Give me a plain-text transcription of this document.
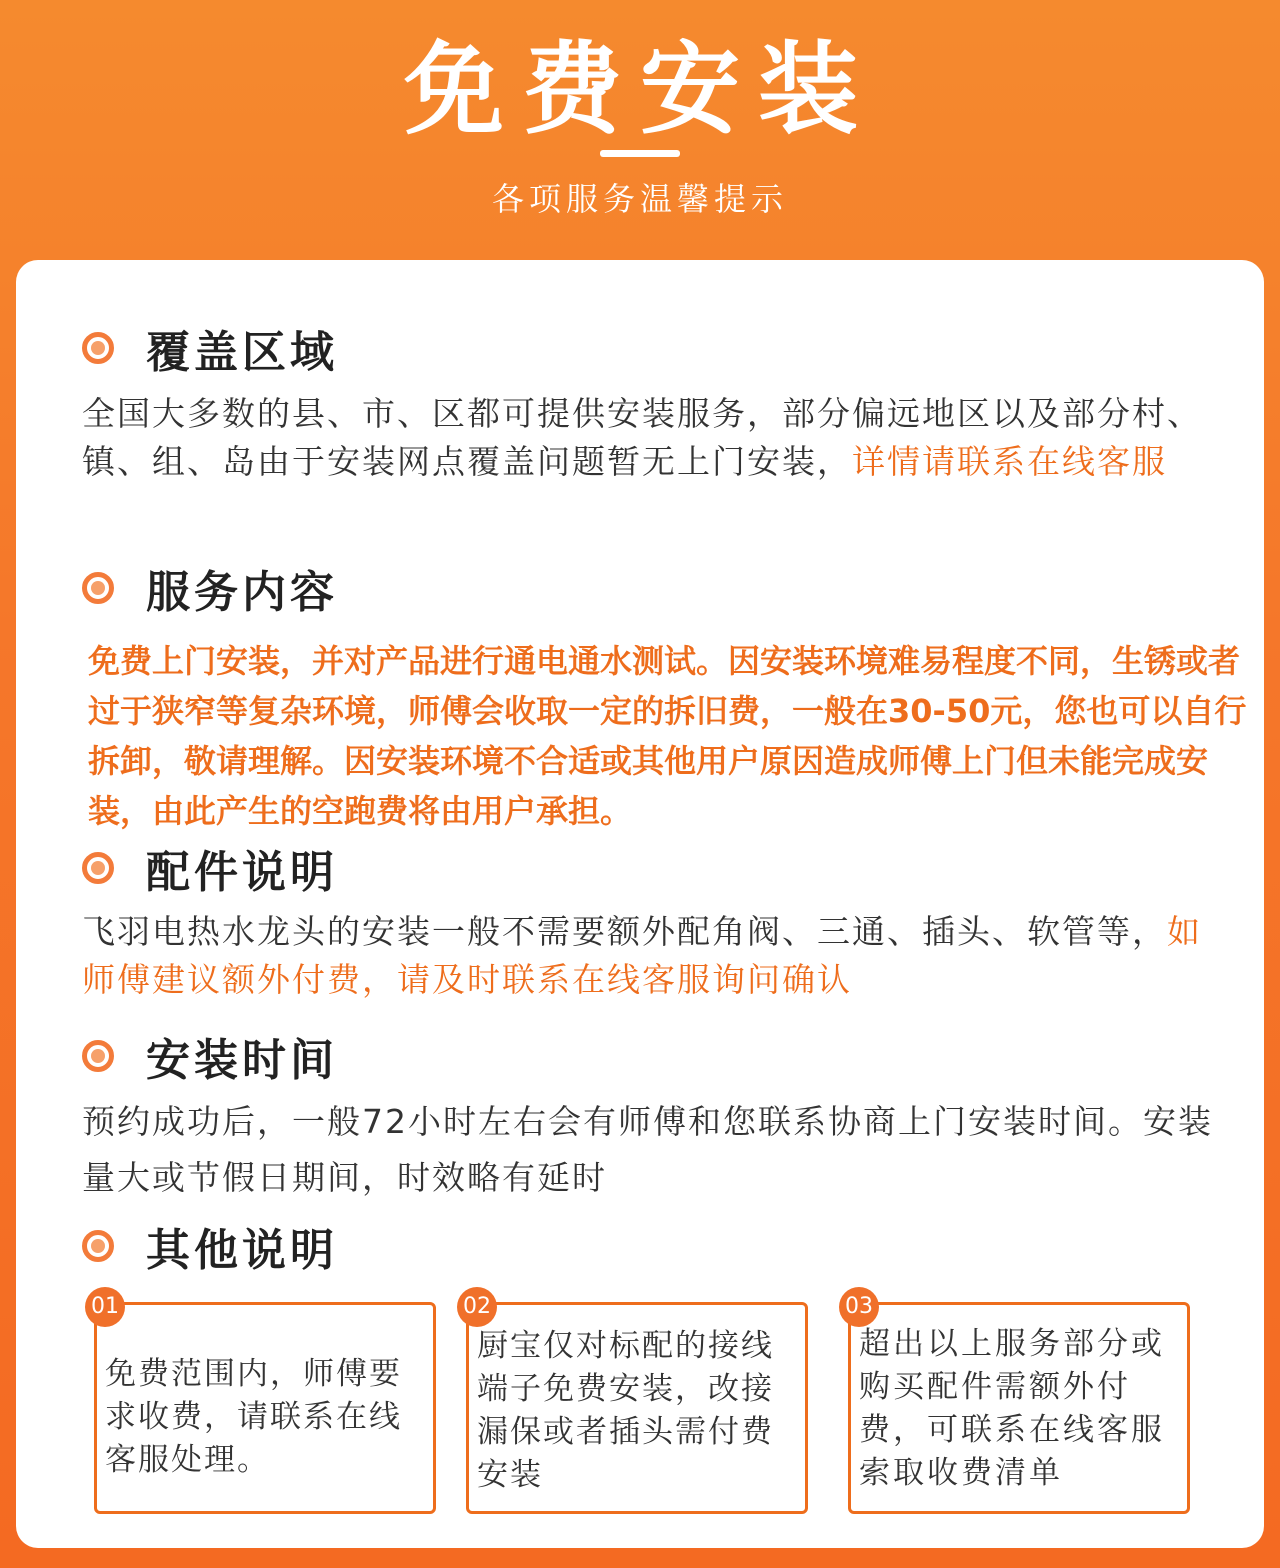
免费安装
各项服务温馨提示
覆盖区域
全国大多数的县、市、区都可提供安装服务，部分偏远地区以及部分村、镇、组、岛由于安装网点覆盖问题暂无上门安装，详情请联系在线客服
服务内容
免费上门安装，并对产品进行通电通水测试。因安装环境难易程度不同，生锈或者过于狭窄等复杂环境，师傅会收取一定的拆旧费，一般在30-50元，您也可以自行拆卸，敬请理解。因安装环境不合适或其他用户原因造成师傅上门但未能完成安装，由此产生的空跑费将由用户承担。
配件说明
飞羽电热水龙头的安装一般不需要额外配角阀、三通、插头、软管等，如师傅建议额外付费，请及时联系在线客服询问确认
安装时间
预约成功后，一般72小时左右会有师傅和您联系协商上门安装时间。安装量大或节假日期间，时效略有延时
其他说明
01
免费范围内，师傅要求收费，请联系在线客服处理。
02
厨宝仅对标配的接线端子免费安装，改接漏保或者插头需付费安装
03
超出以上服务部分或购买配件需额外付费，可联系在线客服索取收费清单
